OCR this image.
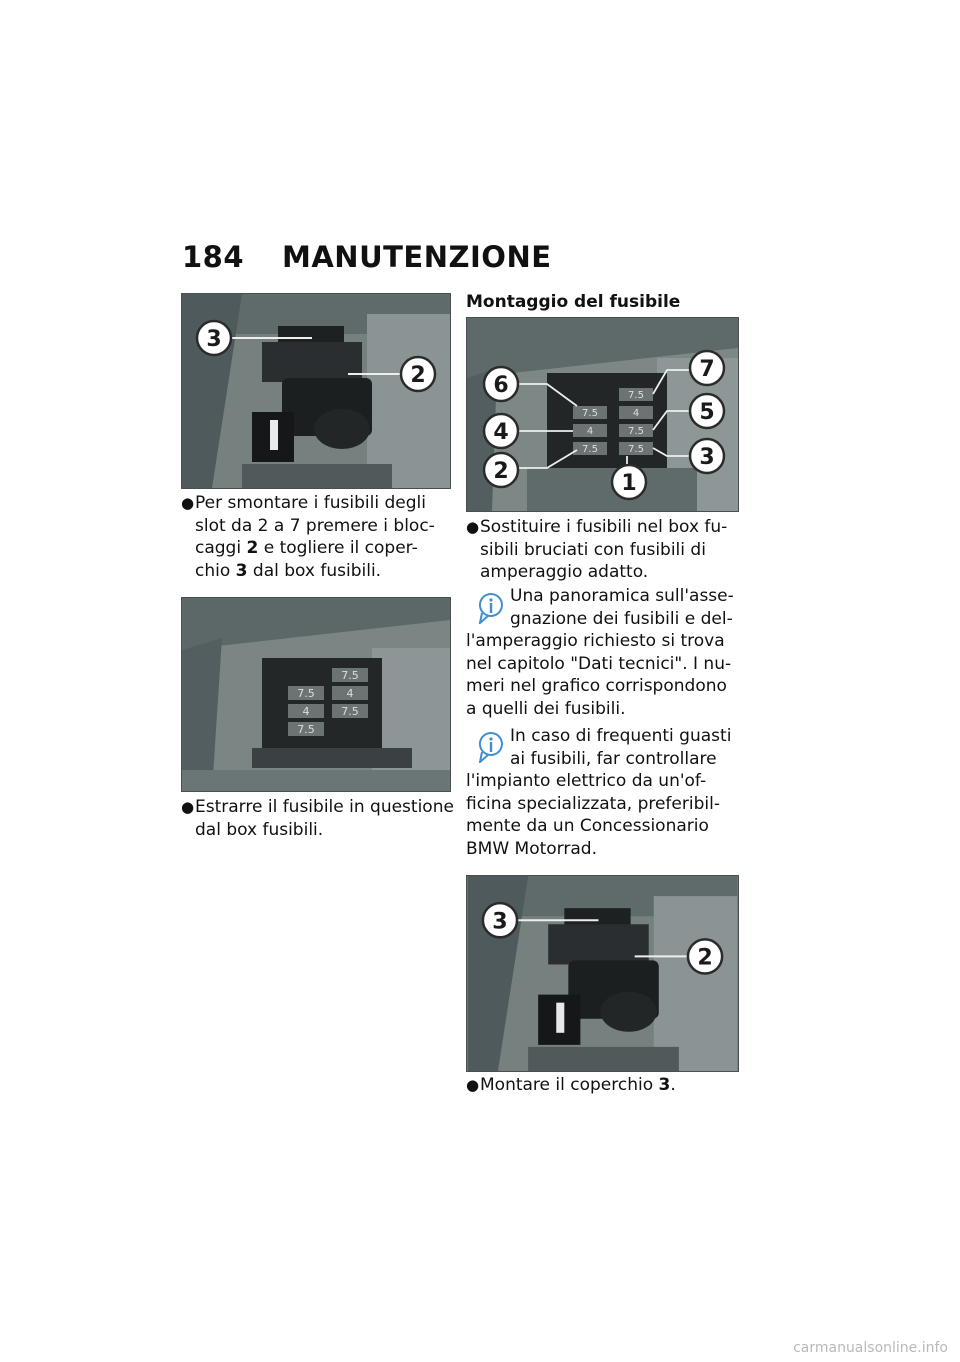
184 MANUTENZIONE
3
2
● Per smontare i fusibili degli
slot da 2 a 7 premere i bloc-
caggi 2 e togliere il coper-
chio 3 dal box fusibili.
7.5
7.5	4
4	7.5
7.5
● Estrarre il fusibile in questione
dal box fusibili.
Montaggio del fusibile
7.5
7.5	4
4	7.5
7.5	7.5
6
7
4
5
2
3
1
● Sostituire i fusibili nel box fu-
sibili bruciati con fusibili di
amperaggio adatto.
Una panoramica sull'asse-
gnazione dei fusibili e del-
l'amperaggio richiesto si trova
nel capitolo "Dati tecnici". I nu-
meri nel grafico corrispondono
a quelli dei fusibili.
In caso di frequenti guasti
ai fusibili, far controllare
l'impianto elettrico da un'of-
ficina specializzata, preferibil-
mente da un Concessionario
BMW Motorrad.
3
2
● Montare il coperchio 3.
carmanualsonline.info
